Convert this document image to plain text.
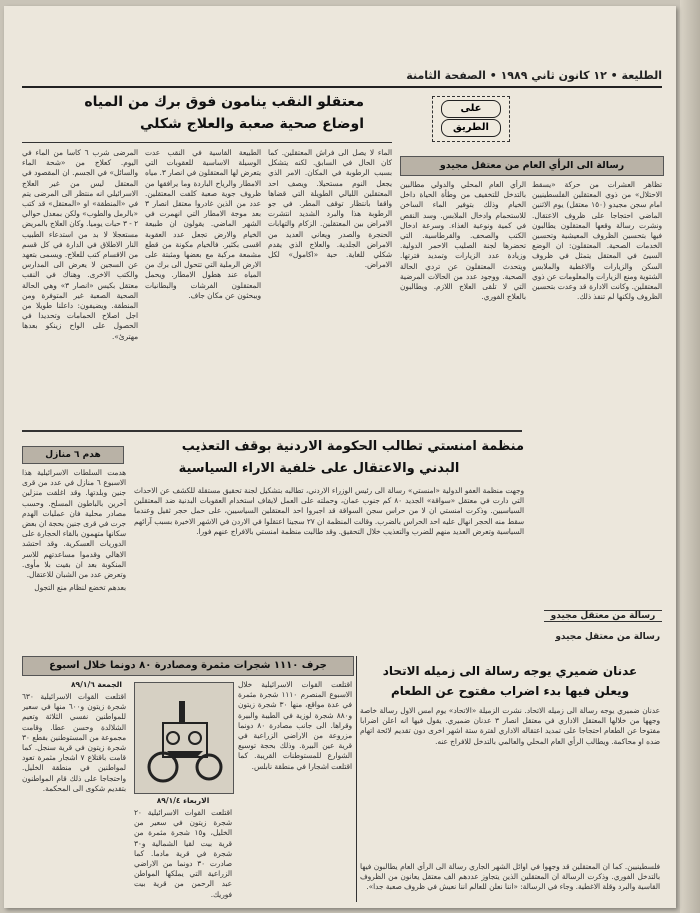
الطليعة • ١٢ كانون ثاني ١٩٨٩ • الصفحة الثامنة
على
الطريق
معتقلو النقب ينامون فوق برك من المياه
اوضاع صحية صعبة والعلاج شكلي

المرضى شرب ٦ كاسا من الماء في اليوم. كعلاج من «شحة الماء والسائل» في الجسم. ان المقصود في المعتقل ليس من غير العلاج الاسرائيلي انه منتظر الى المرضى يتم في «المنطقة» او «المعتقل» قد كتب «بالرمل والطوب» ولكن بمعدل حوالي ٢ - ٣ حبات يوميا. وكان العلاج بالمريض مستعجلا لا بد من استدعاء الطبيب النار الاطلاق في الدارة في كل قسم من الاقسام كتب للعلاج. ويسمى بتعهد عن السجين لا يعرض الى المدارس والكتب الاخرى. وهناك في النقب معتقل بكيس «انصار ٣» وهي الحالة الصحية الصعبة غير المتوفرة ومن المنطقة. ويضيفون: داعلنا طويلا من اجل اصلاح الحمامات وتحديدا في الحصول على الواح زينكو بعدها مهترئ».

الطبيعة القاسية في النقب عدت الوسيلة الاساسية للعقوبات التي يتعرض لها المعتقلون في انصار ٣. مياه الامطار والرياح الباردة وما يرافقها من ظروف جوية صعبة كلفت المعتقلين. عدد من الذين غادروا معتقل انصار ٣ بعد موجة الامطار التي انهمرت في الشهر الماضي. يقولون ان طبيعة الخيام والارض تجعل عدد العقوبة اقسى بكثير. فالخيام مكونة من قطع مشمعة مركبة مع بعضها ومثبتة على الارض الرملية التي تتحول الى برك من المياه عند هطول الامطار. ويحمل المعتقلون الفرشات والبطانيات ويبحثون عن مكان جاف.

الماء لا يصل الى فراش المعتقلين. كما كان الحال في السابق. لكنه يتشكل بسبب الرطوبة في المكان. الامر الذي يجعل النوم مستحيلا. ويصف احد المعتقلين الليالي الطويلة التي قضاها واقفا بانتظار توقف المطر. في جو الرطوبة هذا والبرد الشديد انتشرت الامراض بين المعتقلين. الزكام والتهابات الحنجرة والصدر ويعاني العديد من الامراض الجلدية. والعلاج الذي يقدم شكلي للغاية. حبة «اكامول» لكل الامراض.

رسالة الى الرأي العام من معتقل مجيدو

الرأي العام المحلي والدولي مطالبين بالتدخل للتخفيف من وطأة الحياة داخل الخيام وذلك بتوفير الماء الساخن للاستحمام وادخال الملابس. وسد النقص في كمية ونوعية الغذاء. وسرعة ادخال الكتب والصحف. والقرطاسية. التي تحضرها لجنة الصليب الاحمر الدولية. وزيادة عدد الزيارات وتمديد فترتها. ويتحدث المعتقلون عن تردي الحالة الصحية. ووجود عدد من الحالات المرضية التي لا تلقى العلاج اللازم. ويطالبون بالعلاج الفوري.

تظاهر العشرات من حركة «يسقط الاحتلال» من ذوي المعتقلين الفلسطينيين امام سجن مجيدو (١٥٠ معتقل) يوم الاثنين الماضي احتجاجا على ظروف الاعتقال. ونشرت رسالة وقعها المعتقلون يطالبون فيها بتحسين الظروف المعيشية وتحسين الخدمات الصحية. المعتقلون: ان الوضع السيئ في المعتقل يتمثل في ظروف السكن والزيارات والاغطية والملابس الشتوية ومنع الزيارات والمعلومات عن ذوي المعتقلين. وكانت الادارة قد وعدت بتحسين الظروف ولكنها لم تنفذ ذلك.

منظمة امنستي تطالب الحكومة الاردنية بوقف التعذيب
البدني والاعتقال على خلفية الاراء السياسية

وجهت منظمة العفو الدولية «امنستي» رسالة الى رئيس الوزراء الاردني، تطالبه بتشكيل لجنة تحقيق مستقلة للكشف عن الاحداث التي دارت في معتقل «سواقة» الجديد ٨٠ كم جنوب عمان، وحملته على العمل لايقاف استخدام العقوبات البدنية ضد المعتقلين السياسيين. وذكرت امنستي ان لا من حراس سجن السواقة قد اجبروا احد المعتقلين السياسيين، على حمل حجر ثقيل وعندما سقط منه الحجر انهال عليه احد الحراس بالضرب. وقالت المنظمة ان ٢٧ سجينا اعتقلوا في الاردن في الاشهر الاخيرة بسبب آرائهم السياسية وتعرض العديد منهم للضرب والتعذيب خلال التحقيق. وقد طالبت منظمة امنستي بالافراج عنهم فورا.

هدم ٦ منازل

هدمت السلطات الاسرائيلية هذا الاسبوع ٦ منازل في عدد من قرى جنين وبلدتها. وقد اغلقت منزلين آخرين بالباطون المسلح. وحسب مصادر محلية فان عمليات الهدم جرت في قرى جنين بحجة ان بعض سكانها متهمون بالقاء الحجارة على الدوريات العسكرية. وقد احتشد الاهالي وقدموا مساعدتهم للاسر المنكوبة بعد ان بقيت بلا مأوى. وتعرض عدد من الشبان للاعتقال.

بعدهم تخضع لنظام منع التجول

رسالة من معتقل مجيدو
جرف ١١١٠ شجرات مثمرة ومصادرة ٨٠ دونما خلال اسبوع
الجمعة ٨٩/١/٦

اقتلعت القوات الاسرائيلية ٦٣٠ شجرة زيتون و٦٠٠ منها في سعير للمواطنين نفسي الثلاثة وتعيم الشلالدة وحسن عطا. وقامت مجموعة من المستوطنين بقطع ٣٠ شجرة زيتون في قرية سنجل. كما قامت باقتلاع ٧ اشجار مثمرة تعود لمواطنين في منطقة الخليل. واحتجاجا على ذلك قام المواطنون بتقديم شكوى الى المحكمة.

الاربعاء ٨٩/١/٤

اقتلعت القوات الاسرائيلية ٢٠ شجرة زيتون في سعير من الخليل، و١٥ شجرة مثمرة من قرية بيت لقيا الشمالية و٣٠ شجرة في قرية مادما. كما صادرت ٣٠ دونما من الاراضي الزراعية التي يملكها المواطن عبد الرحمن من قرية بيت فوريك.

اقتلعت القوات الاسرائيلية خلال الاسبوع المنصرم ١١١٠ شجرة مثمرة في عدة مواقع، منها ٣٠ شجرة زيتون و٨٨٠ شجرة لوزية في الطيبة والبيرة وقراها. الى جانب مصادرة ٨٠ دونما مزروعة من الاراضي الزراعية في قرية عين البيرة. وذلك بحجة توسيع الشوارع للمستوطنات القريبة. كما اقتلعت اشجارا في منطقة نابلس.

عدنان ضميري يوجه رسالة الى زميله الاتحاد
ويعلن فيها بدء اضراب مفتوح عن الطعام

عدنان ضميري يوجه رسالة الى زميله الاتحاد. نشرت الزميلة «الاتحاد» يوم امس الاول رسالة خاصة وجهها من خلالها المعتقل الاداري في معتقل انصار ٣ عدنان ضميري. يقول فيها انه اعلن اضرابا مفتوحا عن الطعام احتجاجا على تمديد اعتقاله الاداري لفترة ستة اشهر اخرى دون تقديم لائحة اتهام ضده او محاكمة. ويطالب الرأي العام المحلي والعالمي بالتدخل للافراج عنه.

فلسطينيين. كما ان المعتقلين قد وجهوا في اوائل الشهر الجاري رسالة الى الرأي العام يطالبون فيها بالتدخل الفوري. وذكرت الرسالة ان المعتقلين الذين يتجاوز عددهم الف معتقل يعانون من الظروف القاسية والبرد وقلة الاغطية. وجاء في الرسالة: «اننا نعلن للعالم اننا نعيش في ظروف صعبة جدا».

رسالة من معتقل مجيدو
